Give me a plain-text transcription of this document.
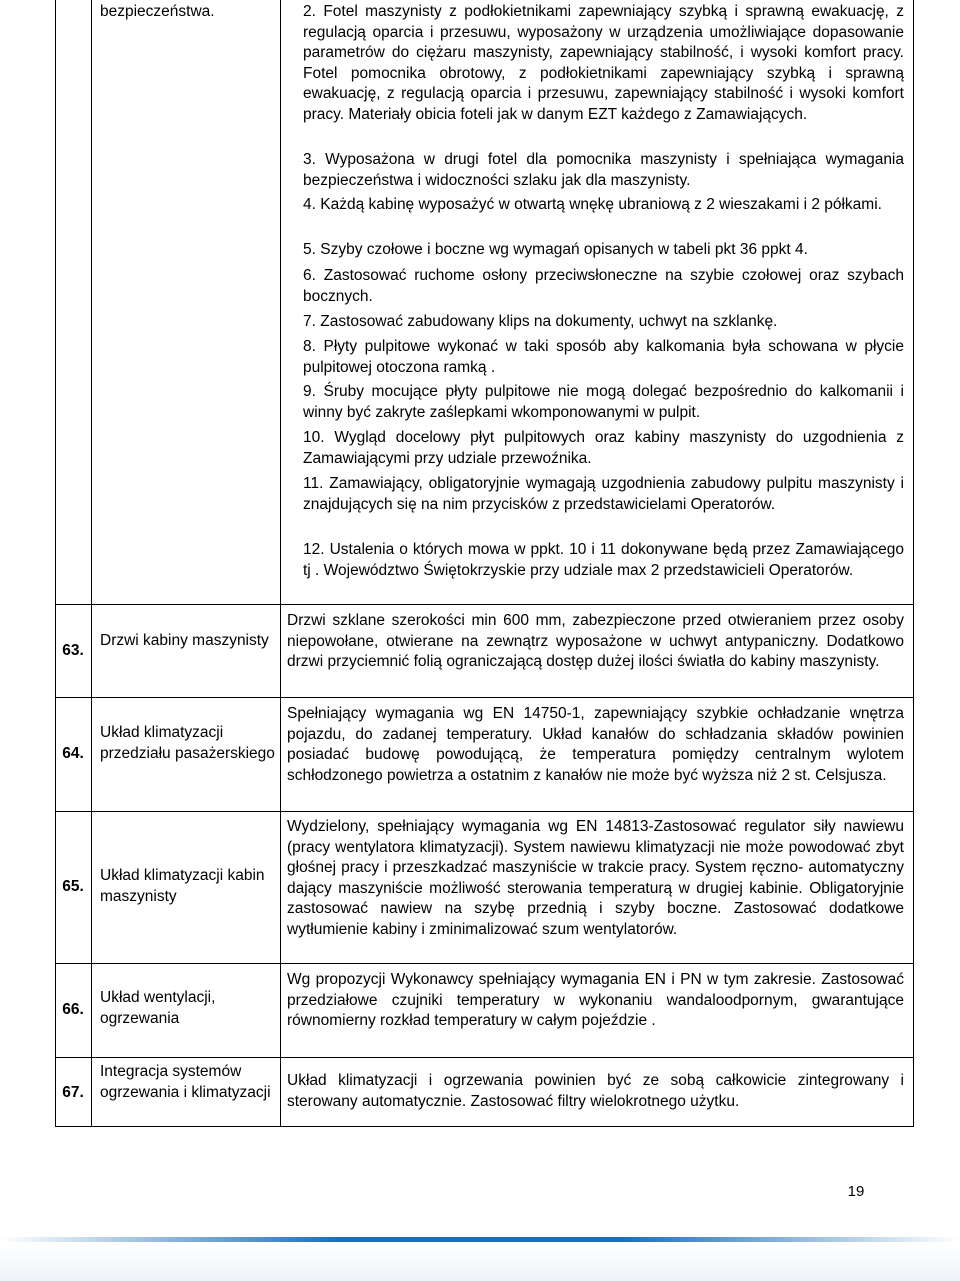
bezpieczeństwa.	2. Fotel maszynisty z podłokietnikami zapewniający szybką i sprawną ewakuację, z regulacją oparcia i przesuwu, wyposażony w urządzenia umożliwiające dopasowanie parametrów do ciężaru maszynisty, zapewniający stabilność, i wysoki komfort pracy. Fotel pomocnika obrotowy, z podłokietnikami zapewniający szybką i sprawną ewakuację, z regulacją oparcia i przesuwu, zapewniający stabilność i wysoki komfort pracy. Materiały obicia foteli jak w danym EZT każdego z Zamawiających.

3. Wyposażona w drugi fotel dla pomocnika maszynisty i spełniająca wymagania bezpieczeństwa i widoczności szlaku jak dla maszynisty.

4. Każdą kabinę wyposażyć w otwartą wnękę ubraniową z 2 wieszakami i 2 półkami.

5. Szyby czołowe i boczne wg wymagań opisanych w tabeli pkt 36 ppkt 4.

6. Zastosować ruchome osłony przeciwsłoneczne na szybie czołowej oraz szybach bocznych.

7. Zastosować zabudowany klips na dokumenty, uchwyt na szklankę.

8. Płyty pulpitowe wykonać w taki sposób aby kalkomania była schowana w płycie pulpitowej otoczona ramką .

9. Śruby mocujące płyty pulpitowe nie mogą dolegać bezpośrednio do kalkomanii i winny być zakryte zaślepkami wkomponowanymi w pulpit.

10. Wygląd docelowy płyt pulpitowych oraz kabiny maszynisty do uzgodnienia z Zamawiającymi przy udziale przewoźnika.

11. Zamawiający, obligatoryjnie wymagają uzgodnienia zabudowy pulpitu maszynisty i znajdujących się na nim przycisków z przedstawicielami Operatorów.

12. Ustalenia o których mowa w ppkt. 10 i 11 dokonywane będą przez Zamawiającego tj . Województwo Świętokrzyskie przy udziale max 2 przedstawicieli Operatorów.

63.
Drzwi kabiny maszynisty
Drzwi szklane szerokości min 600 mm, zabezpieczone przed otwieraniem przez osoby niepowołane, otwierane na zewnątrz wyposażone w uchwyt antypaniczny. Dodatkowo drzwi przyciemnić folią ograniczającą dostęp dużej ilości światła do kabiny maszynisty.
64.
Układ klimatyzacji przedziału pasażerskiego
Spełniający wymagania wg EN 14750-1, zapewniający szybkie ochładzanie wnętrza pojazdu, do zadanej temperatury. Układ kanałów do schładzania składów powinien posiadać budowę powodującą, że temperatura pomiędzy centralnym wylotem schłodzonego powietrza a ostatnim z kanałów nie może być wyższa niż 2 st. Celsjusza.
65.
Układ klimatyzacji kabin maszynisty
Wydzielony, spełniający wymagania wg EN 14813-Zastosować regulator siły nawiewu (pracy wentylatora klimatyzacji). System nawiewu klimatyzacji nie może powodować zbyt głośnej pracy i przeszkadzać maszyniście w trakcie pracy. System ręczno- automatyczny dający maszyniście możliwość sterowania temperaturą w drugiej kabinie. Obligatoryjnie zastosować nawiew na szybę przednią i szyby boczne. Zastosować dodatkowe wytłumienie kabiny i zminimalizować szum wentylatorów.
66.
Układ wentylacji, ogrzewania
Wg propozycji Wykonawcy spełniający wymagania EN i PN w tym zakresie. Zastosować przedziałowe czujniki temperatury w wykonaniu wandaloodpornym, gwarantujące równomierny rozkład temperatury w całym pojeździe .
67.
Integracja systemów ogrzewania i klimatyzacji
Układ klimatyzacji i ogrzewania powinien być ze sobą całkowicie zintegrowany i sterowany automatycznie. Zastosować filtry wielokrotnego użytku.
19
